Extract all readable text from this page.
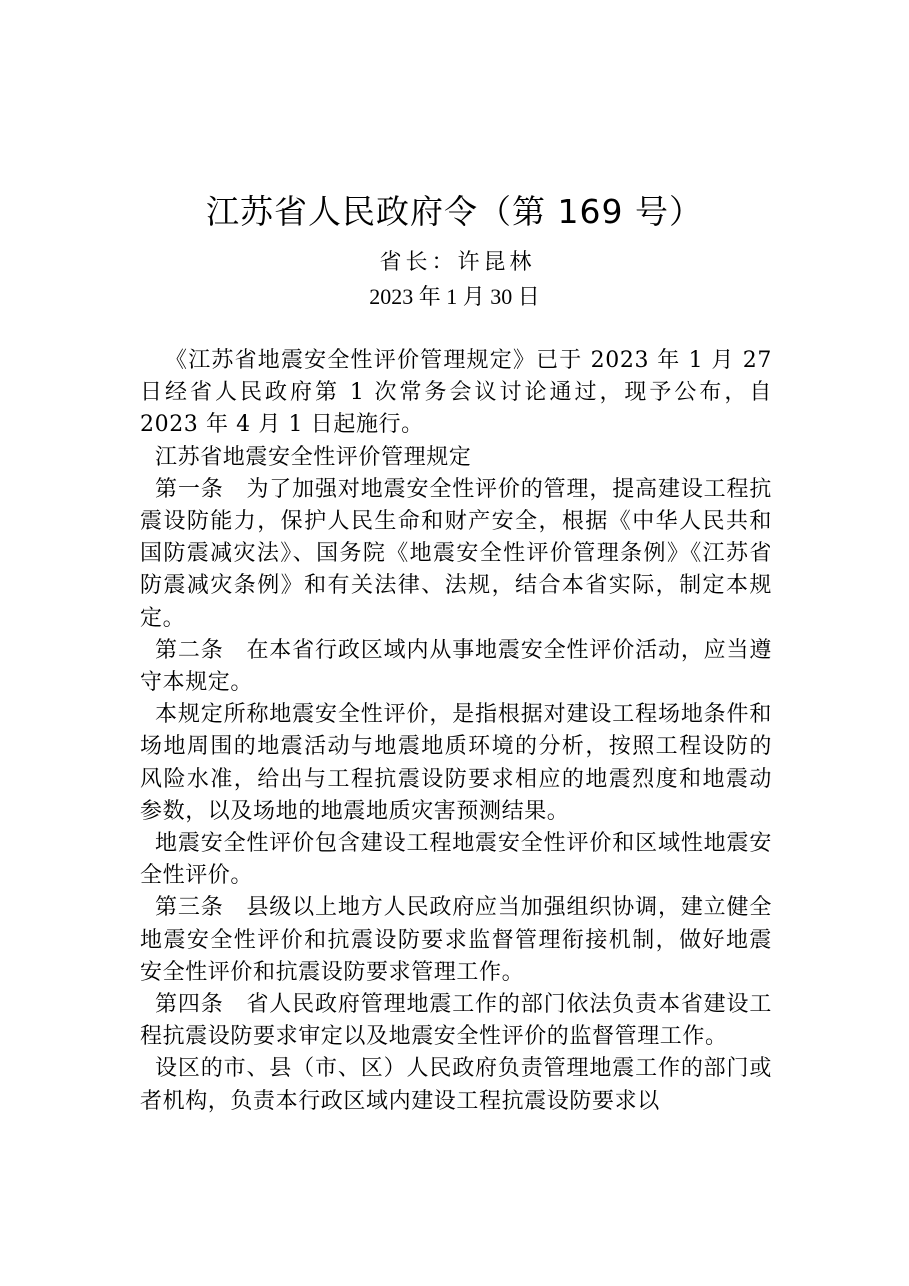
江苏省人民政府令（第 169 号）
省长：许昆林
2023 年 1 月 30 日

《江苏省地震安全性评价管理规定》已于 2023 年 1 月 27 日经省人民政府第 1 次常务会议讨论通过，现予公布，自 2023 年 4 月 1 日起施行。

江苏省地震安全性评价管理规定

第一条　为了加强对地震安全性评价的管理，提高建设工程抗震设防能力，保护人民生命和财产安全，根据《中华人民共和国防震减灾法》、国务院《地震安全性评价管理条例》《江苏省防震减灾条例》和有关法律、法规，结合本省实际，制定本规定。

第二条　在本省行政区域内从事地震安全性评价活动，应当遵守本规定。

本规定所称地震安全性评价，是指根据对建设工程场地条件和场地周围的地震活动与地震地质环境的分析，按照工程设防的风险水准，给出与工程抗震设防要求相应的地震烈度和地震动参数，以及场地的地震地质灾害预测结果。

地震安全性评价包含建设工程地震安全性评价和区域性地震安全性评价。

第三条　县级以上地方人民政府应当加强组织协调，建立健全地震安全性评价和抗震设防要求监督管理衔接机制，做好地震安全性评价和抗震设防要求管理工作。

第四条　省人民政府管理地震工作的部门依法负责本省建设工程抗震设防要求审定以及地震安全性评价的监督管理工作。

设区的市、县（市、区）人民政府负责管理地震工作的部门或者机构，负责本行政区域内建设工程抗震设防要求以
